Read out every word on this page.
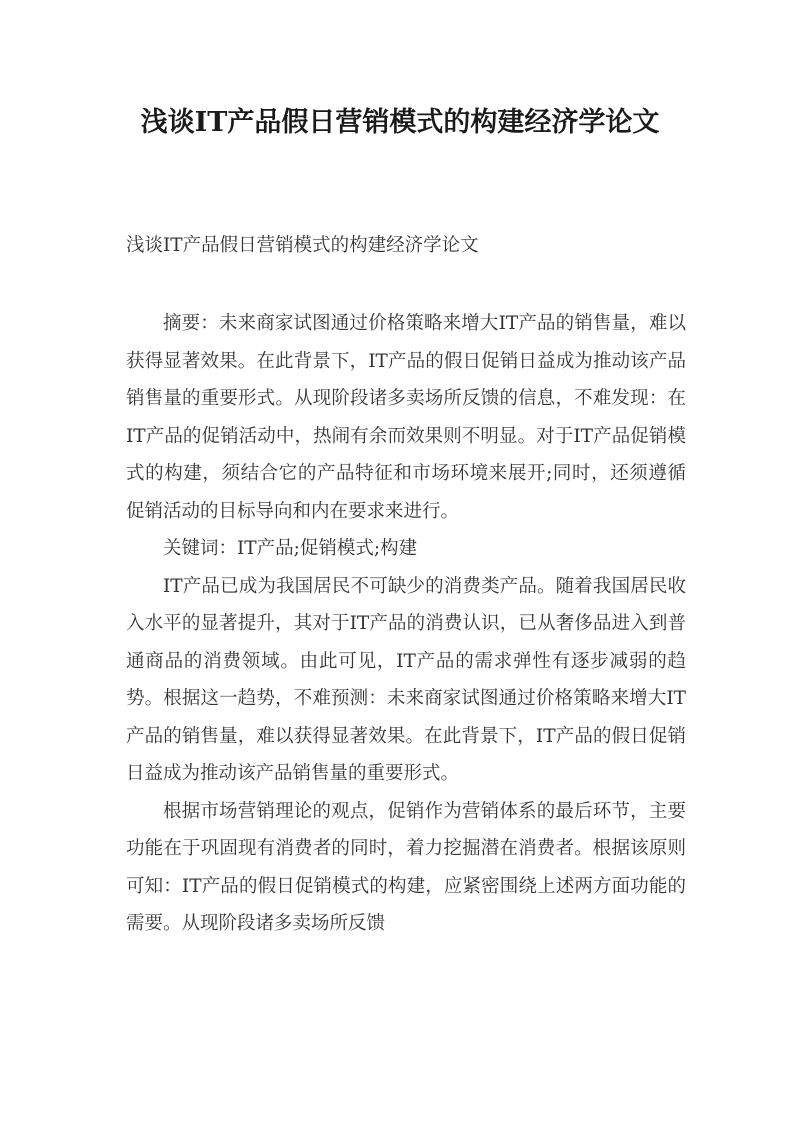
浅谈IT产品假日营销模式的构建经济学论文

浅谈IT产品假日营销模式的构建经济学论文

摘要：未来商家试图通过价格策略来增大IT产品的销售量，难以获得显著效果。在此背景下，IT产品的假日促销日益成为推动该产品销售量的重要形式。从现阶段诸多卖场所反馈的信息，不难发现：在IT产品的促销活动中，热闹有余而效果则不明显。对于IT产品促销模式的构建，须结合它的产品特征和市场环境来展开;同时，还须遵循促销活动的目标导向和内在要求来进行。

关键词：IT产品;促销模式;构建

IT产品已成为我国居民不可缺少的消费类产品。随着我国居民收入水平的显著提升，其对于IT产品的消费认识，已从奢侈品进入到普通商品的消费领域。由此可见，IT产品的需求弹性有逐步减弱的趋势。根据这一趋势，不难预测：未来商家试图通过价格策略来增大IT产品的销售量，难以获得显著效果。在此背景下，IT产品的假日促销日益成为推动该产品销售量的重要形式。

根据市场营销理论的观点，促销作为营销体系的最后环节，主要功能在于巩固现有消费者的同时，着力挖掘潜在消费者。根据该原则可知：IT产品的假日促销模式的构建，应紧密围绕上述两方面功能的需要。从现阶段诸多卖场所反馈
